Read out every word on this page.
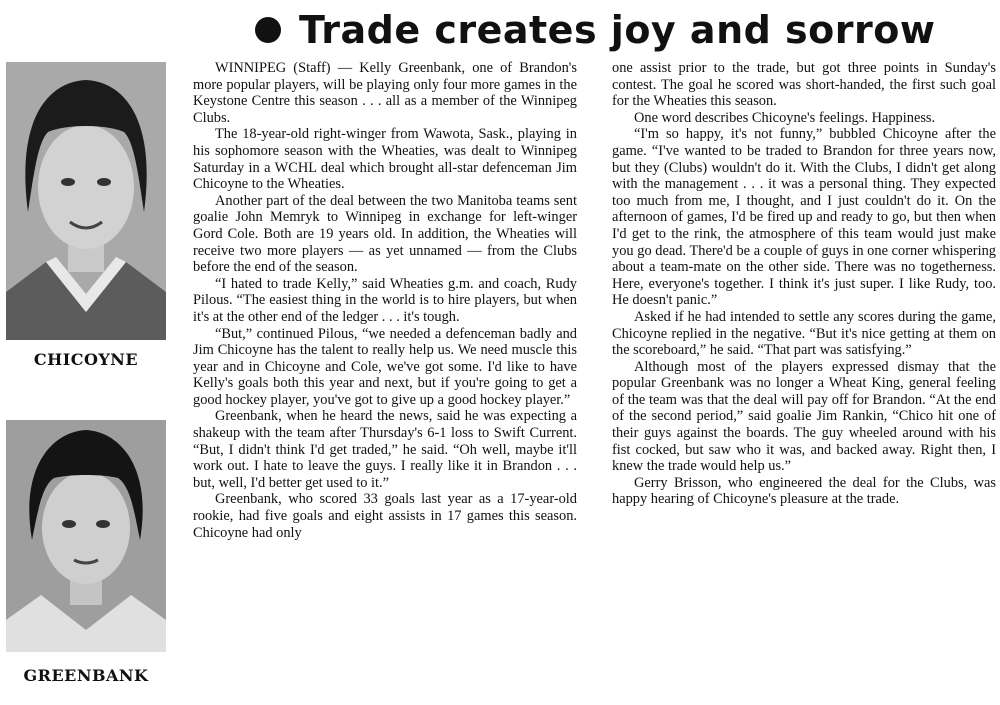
Trade creates joy and sorrow
CHICOYNE
GREENBANK

WINNIPEG (Staff) — Kelly Greenbank, one of Brandon's more popular players, will be playing only four more games in the Keystone Centre this season . . . all as a member of the Winnipeg Clubs.

The 18-year-old right-winger from Wawota, Sask., playing in his sophomore season with the Wheaties, was dealt to Winnipeg Saturday in a WCHL deal which brought all-star defenceman Jim Chicoyne to the Wheaties.

Another part of the deal between the two Manitoba teams sent goalie John Memryk to Winnipeg in exchange for left-winger Gord Cole. Both are 19 years old. In addition, the Wheaties will receive two more players — as yet unnamed — from the Clubs before the end of the season.

“I hated to trade Kelly,” said Wheaties g.m. and coach, Rudy Pilous. “The easiest thing in the world is to hire players, but when it's at the other end of the ledger . . . it's tough.

“But,” continued Pilous, “we needed a defenceman badly and Jim Chicoyne has the talent to really help us. We need muscle this year and in Chicoyne and Cole, we've got some. I'd like to have Kelly's goals both this year and next, but if you're going to get a good hockey player, you've got to give up a good hockey player.”

Greenbank, when he heard the news, said he was expecting a shakeup with the team after Thursday's 6-1 loss to Swift Current. “But, I didn't think I'd get traded,” he said. “Oh well, maybe it'll work out. I hate to leave the guys. I really like it in Brandon . . . but, well, I'd better get used to it.”

Greenbank, who scored 33 goals last year as a 17-year-old rookie, had five goals and eight assists in 17 games this season. Chicoyne had only

one assist prior to the trade, but got three points in Sunday's contest. The goal he scored was short-handed, the first such goal for the Wheaties this season.

One word describes Chicoyne's feelings. Happiness.

“I'm so happy, it's not funny,” bubbled Chicoyne after the game. “I've wanted to be traded to Brandon for three years now, but they (Clubs) wouldn't do it. With the Clubs, I didn't get along with the management . . . it was a personal thing. They expected too much from me, I thought, and I just couldn't do it. On the afternoon of games, I'd be fired up and ready to go, but then when I'd get to the rink, the atmosphere of this team would just make you go dead. There'd be a couple of guys in one corner whispering about a team-mate on the other side. There was no togetherness. Here, everyone's together. I think it's just super. I like Rudy, too. He doesn't panic.”

Asked if he had intended to settle any scores during the game, Chicoyne replied in the negative. “But it's nice getting at them on the scoreboard,” he said. “That part was satisfying.”

Although most of the players expressed dismay that the popular Greenbank was no longer a Wheat King, general feeling of the team was that the deal will pay off for Brandon. “At the end of the second period,” said goalie Jim Rankin, “Chico hit one of their guys against the boards. The guy wheeled around with his fist cocked, but saw who it was, and backed away. Right then, I knew the trade would help us.”

Gerry Brisson, who engineered the deal for the Clubs, was happy hearing of Chicoyne's pleasure at the trade.
